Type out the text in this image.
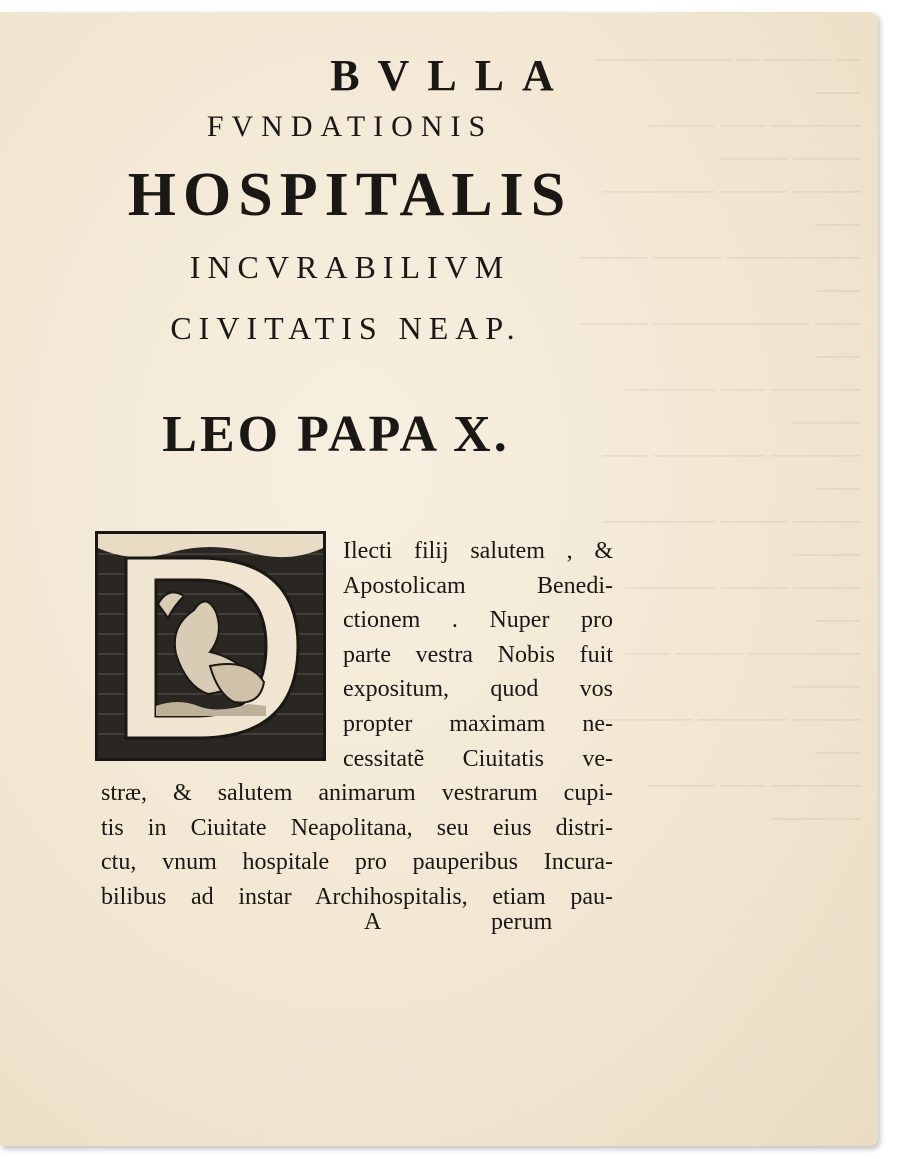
— ——— — —————— ——
———— —— ——— ——— ———
——— ——— ————— ——
—————— ——— ——— ——
—— ——————— ——— ——
———— —— ———— ———
———— ————— —— ——
——— ——— ————— ———
——— ——— ———— ——
————— ——— —— ———
——— ———— ———— ——
———— —— ——— ————
BVLLA
FVNDATIONIS
HOSPITALIS
INCVRABILIVM
CIVITATIS NEAP.
LEO PAPA X.
Ilecti filij salutem , &
Apostolicam Benedi-
ctionem . Nuper pro
parte vestra Nobis fuit
expositum, quod vos
propter maximam ne-
cessitatẽ Ciuitatis ve-
stræ, & salutem animarum vestrarum cupi-
tis in Ciuitate Neapolitana, seu eius distri-
ctu, vnum hospitale pro pauperibus Incura-
bilibus ad instar Archihospitalis, etiam pau-
A	perum
